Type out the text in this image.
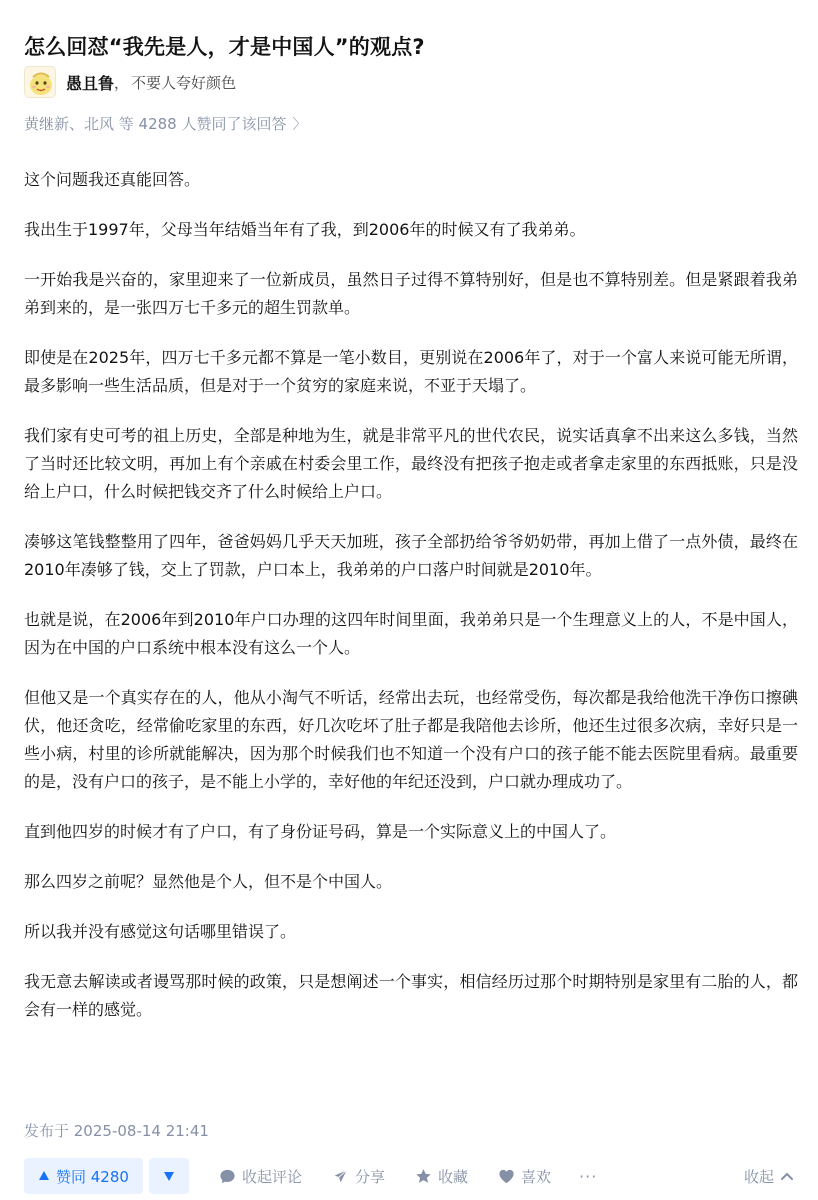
怎么回怼“我先是人，才是中国人”的观点?
愚且鲁 ， 不要人夸好颜色
黄继新、北风 等 4288 人赞同了该回答 〉

这个问题我还真能回答。

我出生于1997年，父母当年结婚当年有了我，到2006年的时候又有了我弟弟。

一开始我是兴奋的，家里迎来了一位新成员，虽然日子过得不算特别好，但是也不算特别差。但是紧跟着我弟弟到来的，是一张四万七千多元的超生罚款单。

即使是在2025年，四万七千多元都不算是一笔小数目，更别说在2006年了，对于一个富人来说可能无所谓，最多影响一些生活品质，但是对于一个贫穷的家庭来说，不亚于天塌了。

我们家有史可考的祖上历史，全部是种地为生，就是非常平凡的世代农民，说实话真拿不出来这么多钱，当然了当时还比较文明，再加上有个亲戚在村委会里工作，最终没有把孩子抱走或者拿走家里的东西抵账，只是没给上户口，什么时候把钱交齐了什么时候给上户口。

凑够这笔钱整整用了四年，爸爸妈妈几乎天天加班，孩子全部扔给爷爷奶奶带，再加上借了一点外债，最终在2010年凑够了钱，交上了罚款，户口本上，我弟弟的户口落户时间就是2010年。

也就是说，在2006年到2010年户口办理的这四年时间里面，我弟弟只是一个生理意义上的人，不是中国人，因为在中国的户口系统中根本没有这么一个人。

但他又是一个真实存在的人，他从小淘气不听话，经常出去玩，也经常受伤，每次都是我给他洗干净伤口擦碘伏，他还贪吃，经常偷吃家里的东西，好几次吃坏了肚子都是我陪他去诊所，他还生过很多次病，幸好只是一些小病，村里的诊所就能解决，因为那个时候我们也不知道一个没有户口的孩子能不能去医院里看病。最重要的是，没有户口的孩子，是不能上小学的，幸好他的年纪还没到，户口就办理成功了。

直到他四岁的时候才有了户口，有了身份证号码，算是一个实际意义上的中国人了。

那么四岁之前呢？显然他是个人，但不是个中国人。

所以我并没有感觉这句话哪里错误了。

我无意去解读或者谩骂那时候的政策，只是想阐述一个事实，相信经历过那个时期特别是家里有二胎的人，都会有一样的感觉。

发布于 2025-08-14 21:41
赞同 4280	收起评论	分享	收藏	喜欢 ···	收起
